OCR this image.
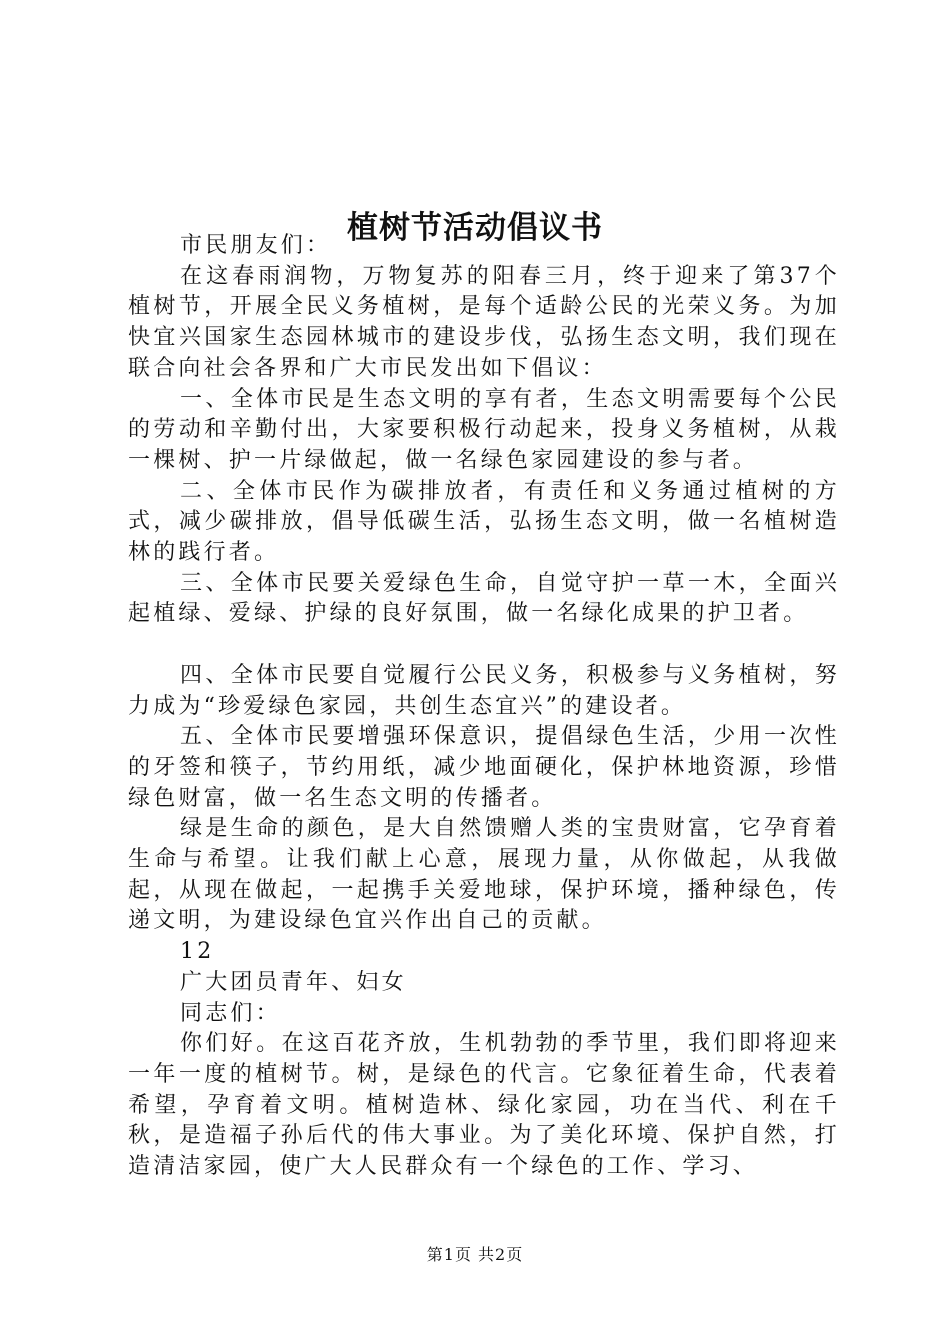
植树节活动倡议书

市民朋友们：

在这春雨润物，万物复苏的阳春三月，终于迎来了第37个植树节，开展全民义务植树，是每个适龄公民的光荣义务。为加快宜兴国家生态园林城市的建设步伐，弘扬生态文明，我们现在联合向社会各界和广大市民发出如下倡议：

一、全体市民是生态文明的享有者，生态文明需要每个公民的劳动和辛勤付出，大家要积极行动起来，投身义务植树，从栽一棵树、护一片绿做起，做一名绿色家园建设的参与者。

二、全体市民作为碳排放者，有责任和义务通过植树的方式，减少碳排放，倡导低碳生活，弘扬生态文明，做一名植树造林的践行者。

三、全体市民要关爱绿色生命，自觉守护一草一木，全面兴起植绿、爱绿、护绿的良好氛围，做一名绿化成果的护卫者。

四、全体市民要自觉履行公民义务，积极参与义务植树，努力成为“珍爱绿色家园，共创生态宜兴”的建设者。

五、全体市民要增强环保意识，提倡绿色生活，少用一次性的牙签和筷子，节约用纸，减少地面硬化，保护林地资源，珍惜绿色财富，做一名生态文明的传播者。

绿是生命的颜色，是大自然馈赠人类的宝贵财富，它孕育着生命与希望。让我们献上心意，展现力量，从你做起，从我做起，从现在做起，一起携手关爱地球，保护环境，播种绿色，传递文明，为建设绿色宜兴作出自己的贡献。

12

广大团员青年、妇女

同志们：

你们好。在这百花齐放，生机勃勃的季节里，我们即将迎来一年一度的植树节。树，是绿色的代言。它象征着生命，代表着希望，孕育着文明。植树造林、绿化家园，功在当代、利在千秋，是造福子孙后代的伟大事业。为了美化环境、保护自然，打造清洁家园，使广大人民群众有一个绿色的工作、学习、

第1页 共2页
